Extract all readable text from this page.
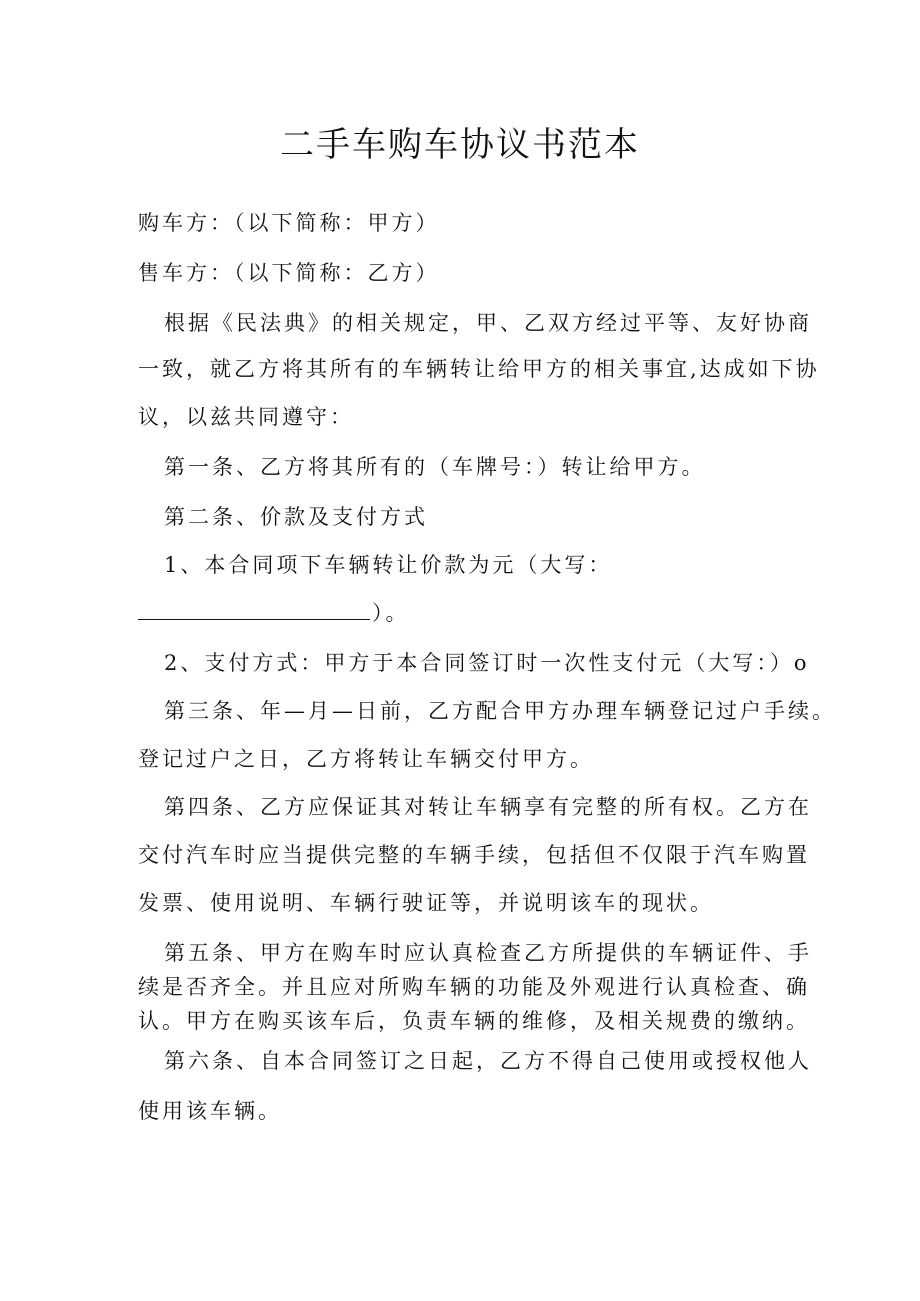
二手车购车协议书范本
购车方：（以下简称：甲方）
售车方：（以下简称：乙方）
根据《民法典》的相关规定，甲、乙双方经过平等、友好协商
一致，就乙方将其所有的车辆转让给甲方的相关事宜,达成如下协
议，以兹共同遵守：
第一条、乙方将其所有的（车牌号：）转让给甲方。
第二条、价款及支付方式
1、本合同项下车辆转让价款为元（大写：
）。
2、支付方式：甲方于本合同签订时一次性支付元（大写：）o
第三条、年—月—日前，乙方配合甲方办理车辆登记过户手续。
登记过户之日，乙方将转让车辆交付甲方。
第四条、乙方应保证其对转让车辆享有完整的所有权。乙方在
交付汽车时应当提供完整的车辆手续，包括但不仅限于汽车购置
发票、使用说明、车辆行驶证等，并说明该车的现状。
第五条、甲方在购车时应认真检查乙方所提供的车辆证件、手
续是否齐全。并且应对所购车辆的功能及外观进行认真检查、确
认。甲方在购买该车后，负责车辆的维修，及相关规费的缴纳。
第六条、自本合同签订之日起，乙方不得自己使用或授权他人
使用该车辆。
